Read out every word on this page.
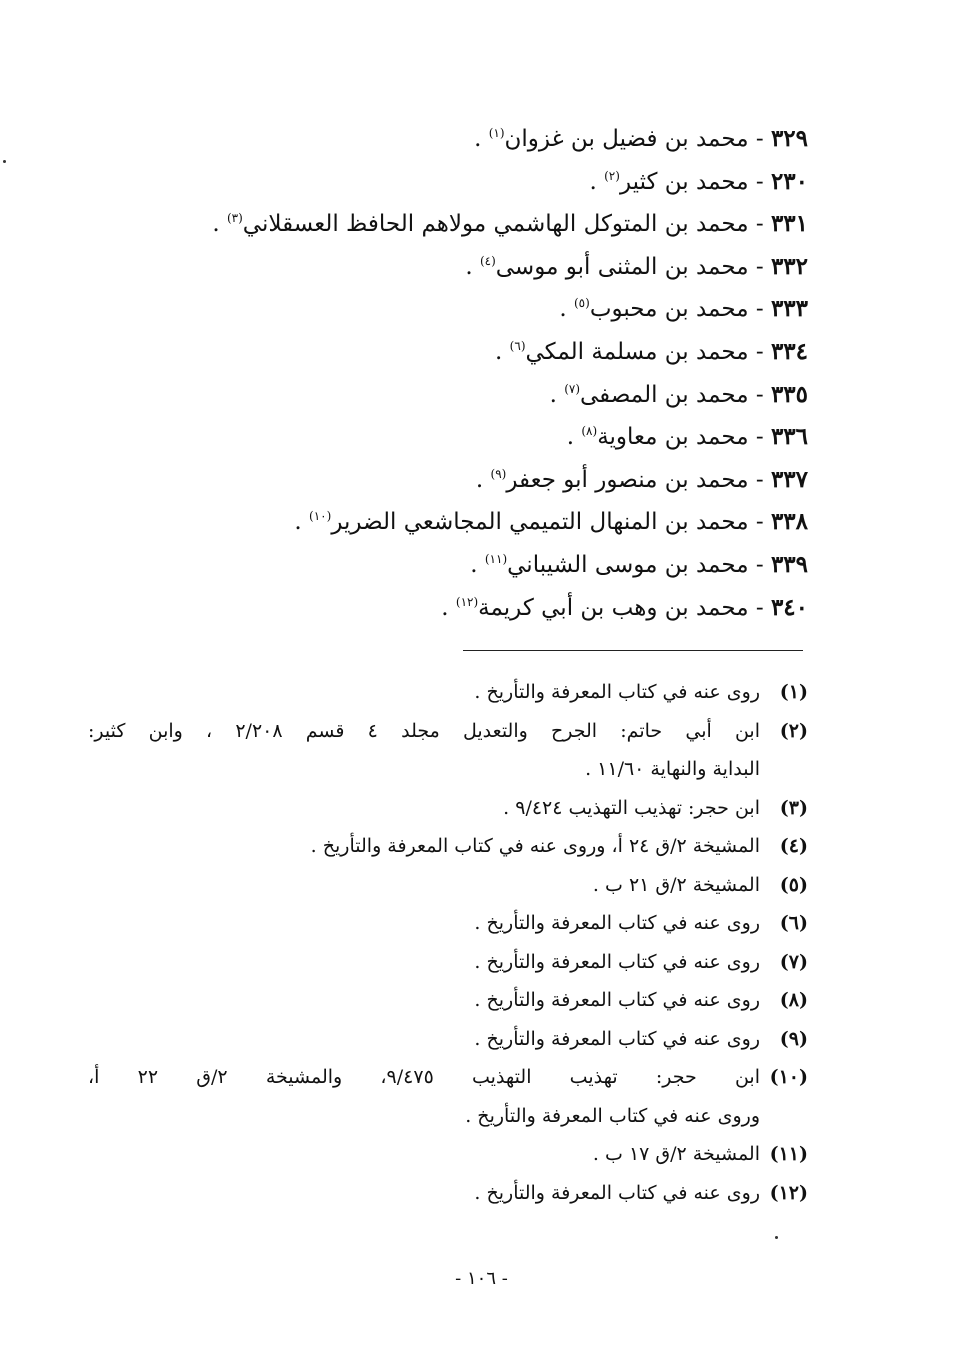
٣٢٩ - محمد بن فضيل بن غزوان$^{(١)}$ .
٢٣٠ - محمد بن كثير$^{(٢)}$ .
٣٣١ - محمد بن المتوكل الهاشمي مولاهم الحافظ العسقلاني$^{(٣)}$ .
٣٣٢ - محمد بن المثنى أبو موسى$^{(٤)}$ .
٣٣٣ - محمد بن محبوب$^{(٥)}$ .
٣٣٤ - محمد بن مسلمة المكي$^{(٦)}$ .
٣٣٥ - محمد بن المصفى$^{(٧)}$ .
٣٣٦ - محمد بن معاوية$^{(٨)}$ .
٣٣٧ - محمد بن منصور أبو جعفر$^{(٩)}$ .
٣٣٨ - محمد بن المنهال التميمي المجاشعي الضرير$^{(١٠)}$ .
٣٣٩ - محمد بن موسى الشيباني$^{(١١)}$ .
٣٤٠ - محمد بن وهب بن أبي كريمة$^{(١٢)}$ .
(١)
روى عنه في كتاب المعرفة والتأريخ .
(٢)
ابن أبي حاتم: الجرح والتعديل مجلد ٤ قسم ٢/٢٠٨ ، وابن كثير:
البداية والنهاية ١١/٦٠ .
(٣)
ابن حجر: تهذيب التهذيب ٩/٤٢٤ .
(٤)
المشيخة ٢/ق ٢٤ أ، وروى عنه في كتاب المعرفة والتأريخ .
(٥)
المشيخة ٢/ق ٢١ ب .
(٦)
روى عنه في كتاب المعرفة والتأريخ .
(٧)
روى عنه في كتاب المعرفة والتأريخ .
(٨)
روى عنه في كتاب المعرفة والتأريخ .
(٩)
روى عنه في كتاب المعرفة والتأريخ .
(١٠)
ابن حجر: تهذيب التهذيب ٩/٤٧٥، والمشيخة ٢/ق ٢٢ أ،
وروى عنه في كتاب المعرفة والتأريخ .
(١١)
المشيخة ٢/ق ١٧ ب .
(١٢)
روى عنه في كتاب المعرفة والتأريخ .
- ١٠٦ -
